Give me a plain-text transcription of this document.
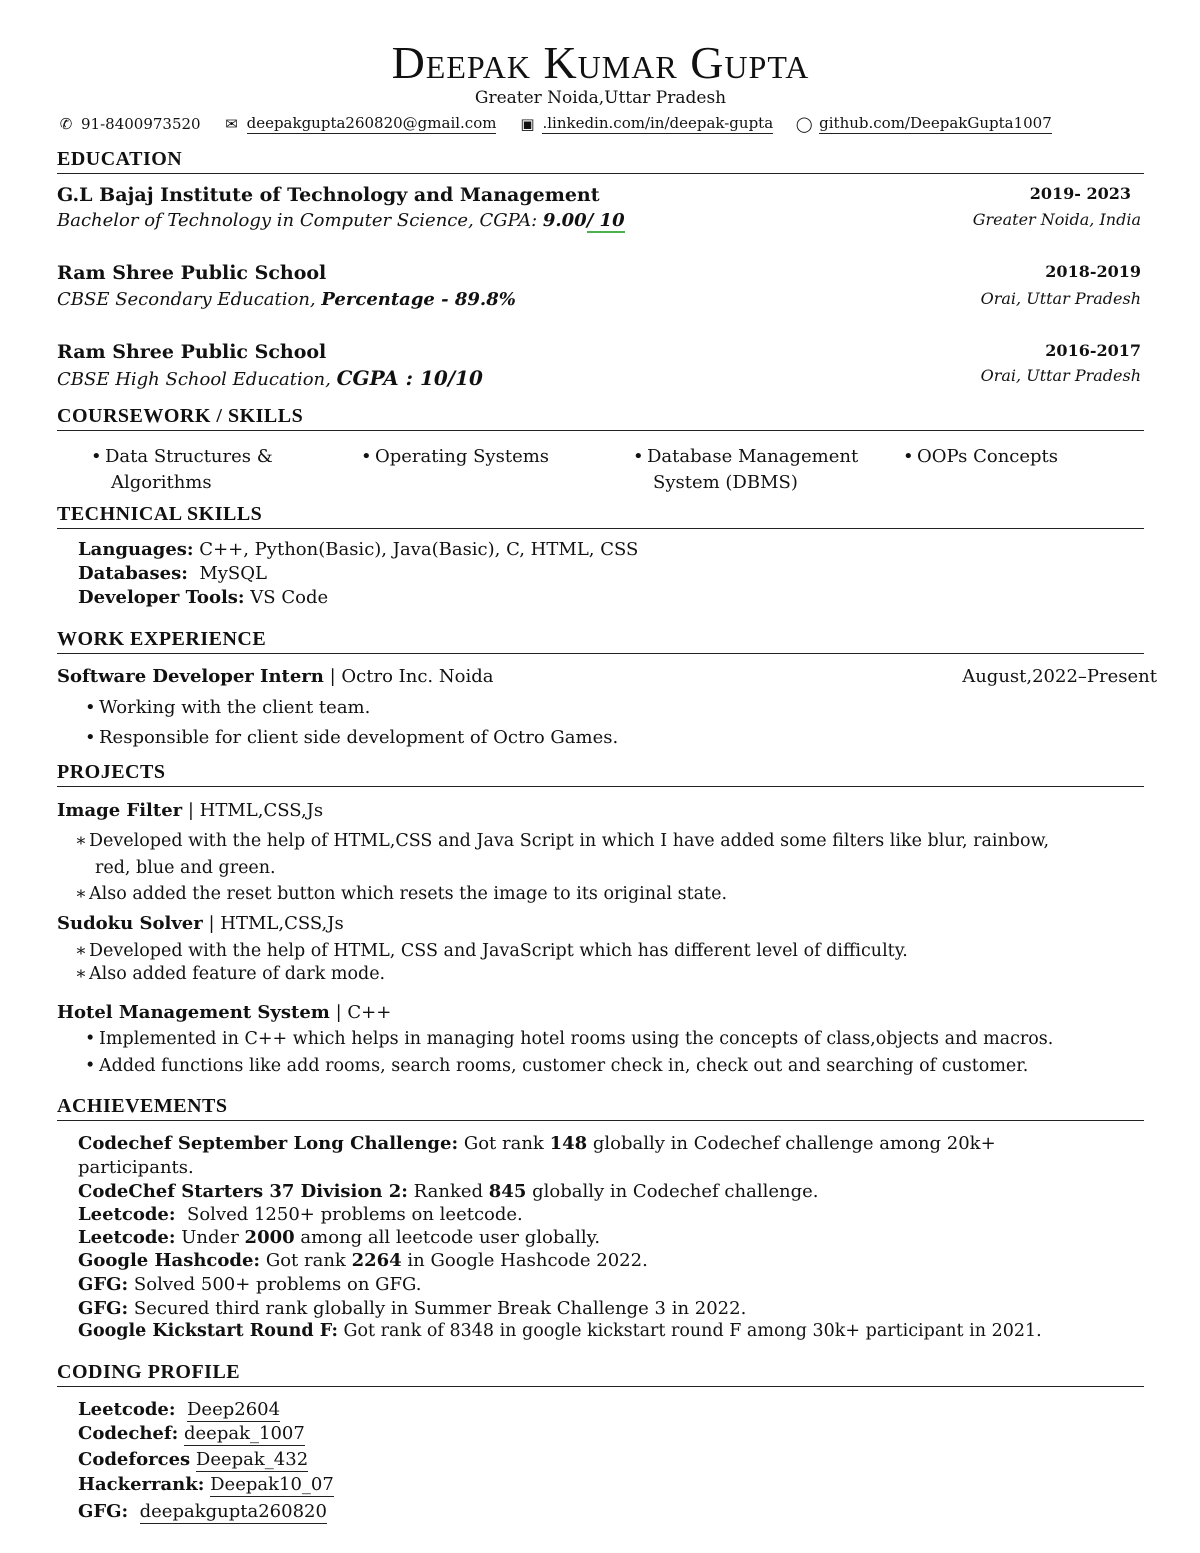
Deepak Kumar Gupta
Greater Noida,Uttar Pradesh
✆ 91-8400973520 ✉ deepakgupta260820@gmail.com ▣ .linkedin.com/in/deepak-gupta ◯ github.com/DeepakGupta1007
EDUCATION
G.L Bajaj Institute of Technology and Management	2019- 2023
Bachelor of Technology in Computer Science, CGPA: 9.00/ 10	Greater Noida, India
Ram Shree Public School	2018-2019
CBSE Secondary Education, Percentage - 89.8%	Orai, Uttar Pradesh
Ram Shree Public School	2016-2017
CBSE High School Education, CGPA : 10/10	Orai, Uttar Pradesh
COURSEWORK / SKILLS
• Data Structures &
Algorithms
• Operating Systems	• Database Management
System (DBMS)
• OOPs Concepts
TECHNICAL SKILLS
Languages: C++, Python(Basic), Java(Basic), C, HTML, CSS
Databases: MySQL
Developer Tools: VS Code
WORK EXPERIENCE
Software Developer Intern | Octro Inc. Noida	August,2022–Present
• Working with the client team.
• Responsible for client side development of Octro Games.
PROJECTS
Image Filter | HTML,CSS,Js
∗ Developed with the help of HTML,CSS and Java Script in which I have added some filters like blur, rainbow,
red, blue and green.
∗ Also added the reset button which resets the image to its original state.
Sudoku Solver | HTML,CSS,Js
∗ Developed with the help of HTML, CSS and JavaScript which has different level of difficulty.
∗ Also added feature of dark mode.
Hotel Management System | C++
• Implemented in C++ which helps in managing hotel rooms using the concepts of class,objects and macros.
• Added functions like add rooms, search rooms, customer check in, check out and searching of customer.
ACHIEVEMENTS
Codechef September Long Challenge: Got rank 148 globally in Codechef challenge among 20k+
participants.
CodeChef Starters 37 Division 2: Ranked 845 globally in Codechef challenge.
Leetcode: Solved 1250+ problems on leetcode.
Leetcode: Under 2000 among all leetcode user globally.
Google Hashcode: Got rank 2264 in Google Hashcode 2022.
GFG: Solved 500+ problems on GFG.
GFG: Secured third rank globally in Summer Break Challenge 3 in 2022.
Google Kickstart Round F: Got rank of 8348 in google kickstart round F among 30k+ participant in 2021.
CODING PROFILE
Leetcode: Deep2604
Codechef: deepak_1007
Codeforces Deepak_432
Hackerrank: Deepak10_07
GFG: deepakgupta260820
